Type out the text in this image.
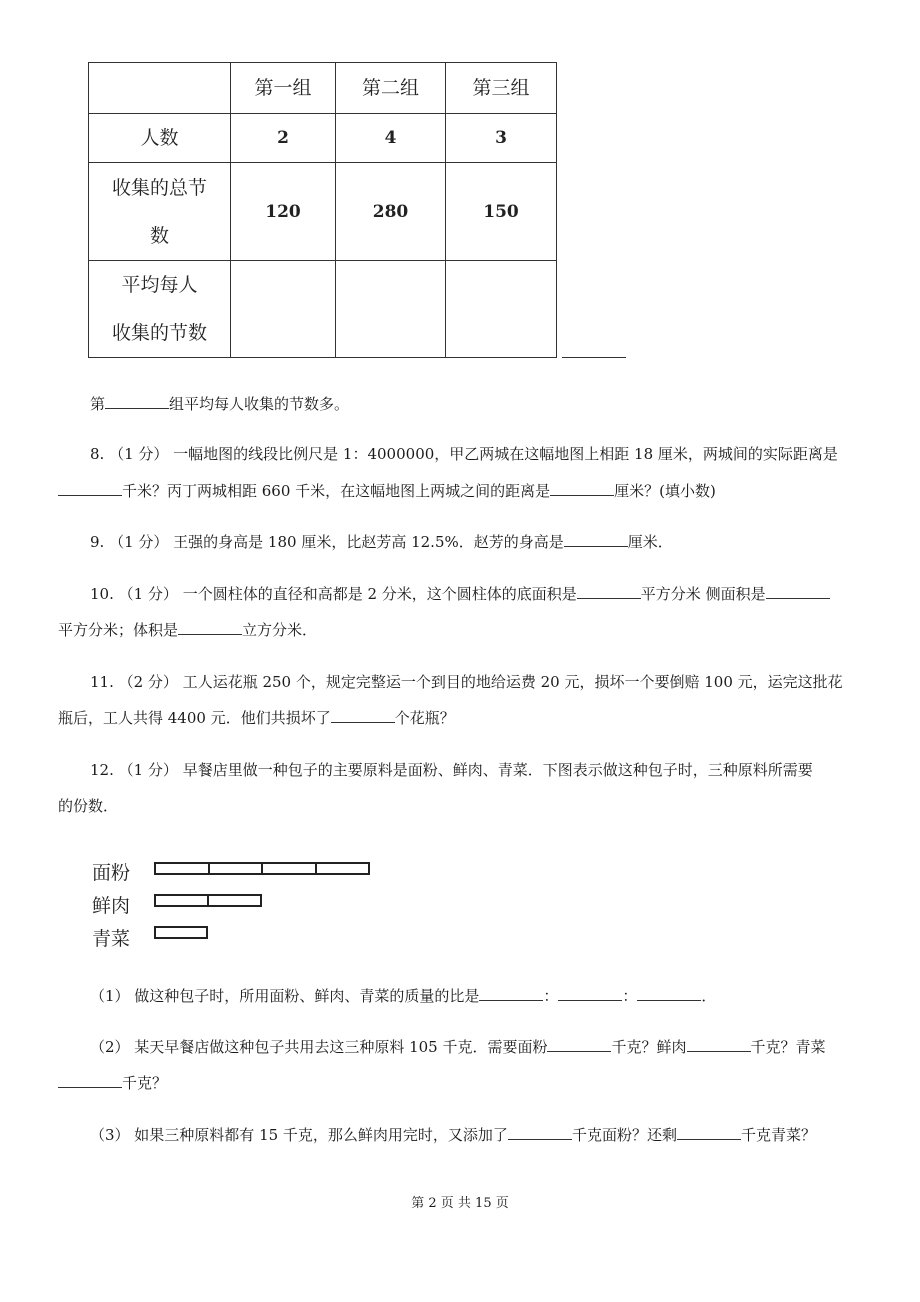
	第一组	第二组	第三组
人数	2	4	3

收集的总节
数	120	280	150

平均每人
收集的节数			

第	组平均每人收集的节数多。
8. （1 分） 一幅地图的线段比例尺是 1：4000000，甲乙两城在这幅地图上相距 18 厘米，两城间的实际距离是
千米？丙丁两城相距 660 千米，在这幅地图上两城之间的距离是	厘米？(填小数)
9. （1 分） 王强的身高是 180 厘米，比赵芳高 12.5%．赵芳的身高是	厘米．
10. （1 分） 一个圆柱体的直径和高都是 2 分米，这个圆柱体的底面积是	平方分米 侧面积是
平方分米；体积是	立方分米．
11. （2 分） 工人运花瓶 250 个，规定完整运一个到目的地给运费 20 元，损坏一个要倒赔 100 元，运完这批花
瓶后，工人共得 4400 元．他们共损坏了	个花瓶？
12. （1 分） 早餐店里做一种包子的主要原料是面粉、鲜肉、青菜．下图表示做这种包子时，三种原料所需要
的份数．
面粉
鲜肉
青菜
（1） 做这种包子时，所用面粉、鲜肉、青菜的质量的比是	：	：	．
（2） 某天早餐店做这种包子共用去这三种原料 105 千克．需要面粉	千克？鲜肉	千克？青菜
千克？
（3） 如果三种原料都有 15 千克，那么鲜肉用完时，又添加了	千克面粉？还剩	千克青菜？
第 2 页 共 15 页
